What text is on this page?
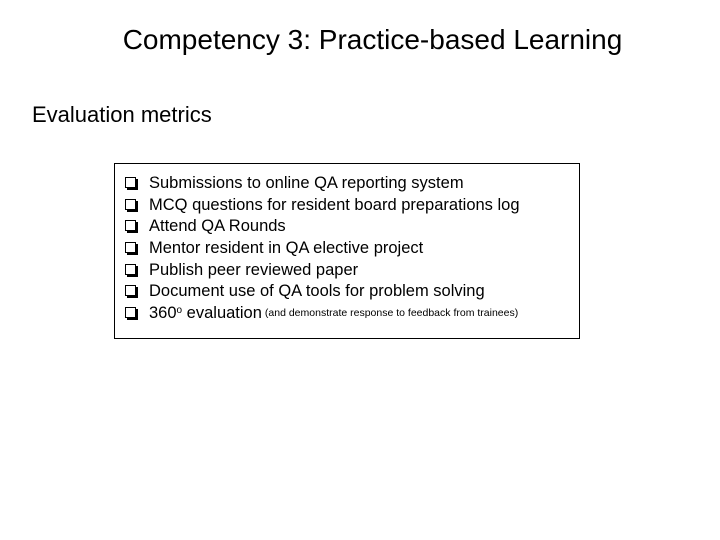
Competency 3: Practice-based Learning
Evaluation metrics
Submissions to online QA reporting system
MCQ questions for resident board preparations log
Attend QA Rounds
Mentor resident in QA elective project
Publish peer reviewed paper
Document use of QA tools for problem solving
360$^o$ evaluation (and demonstrate response to feedback from trainees)
